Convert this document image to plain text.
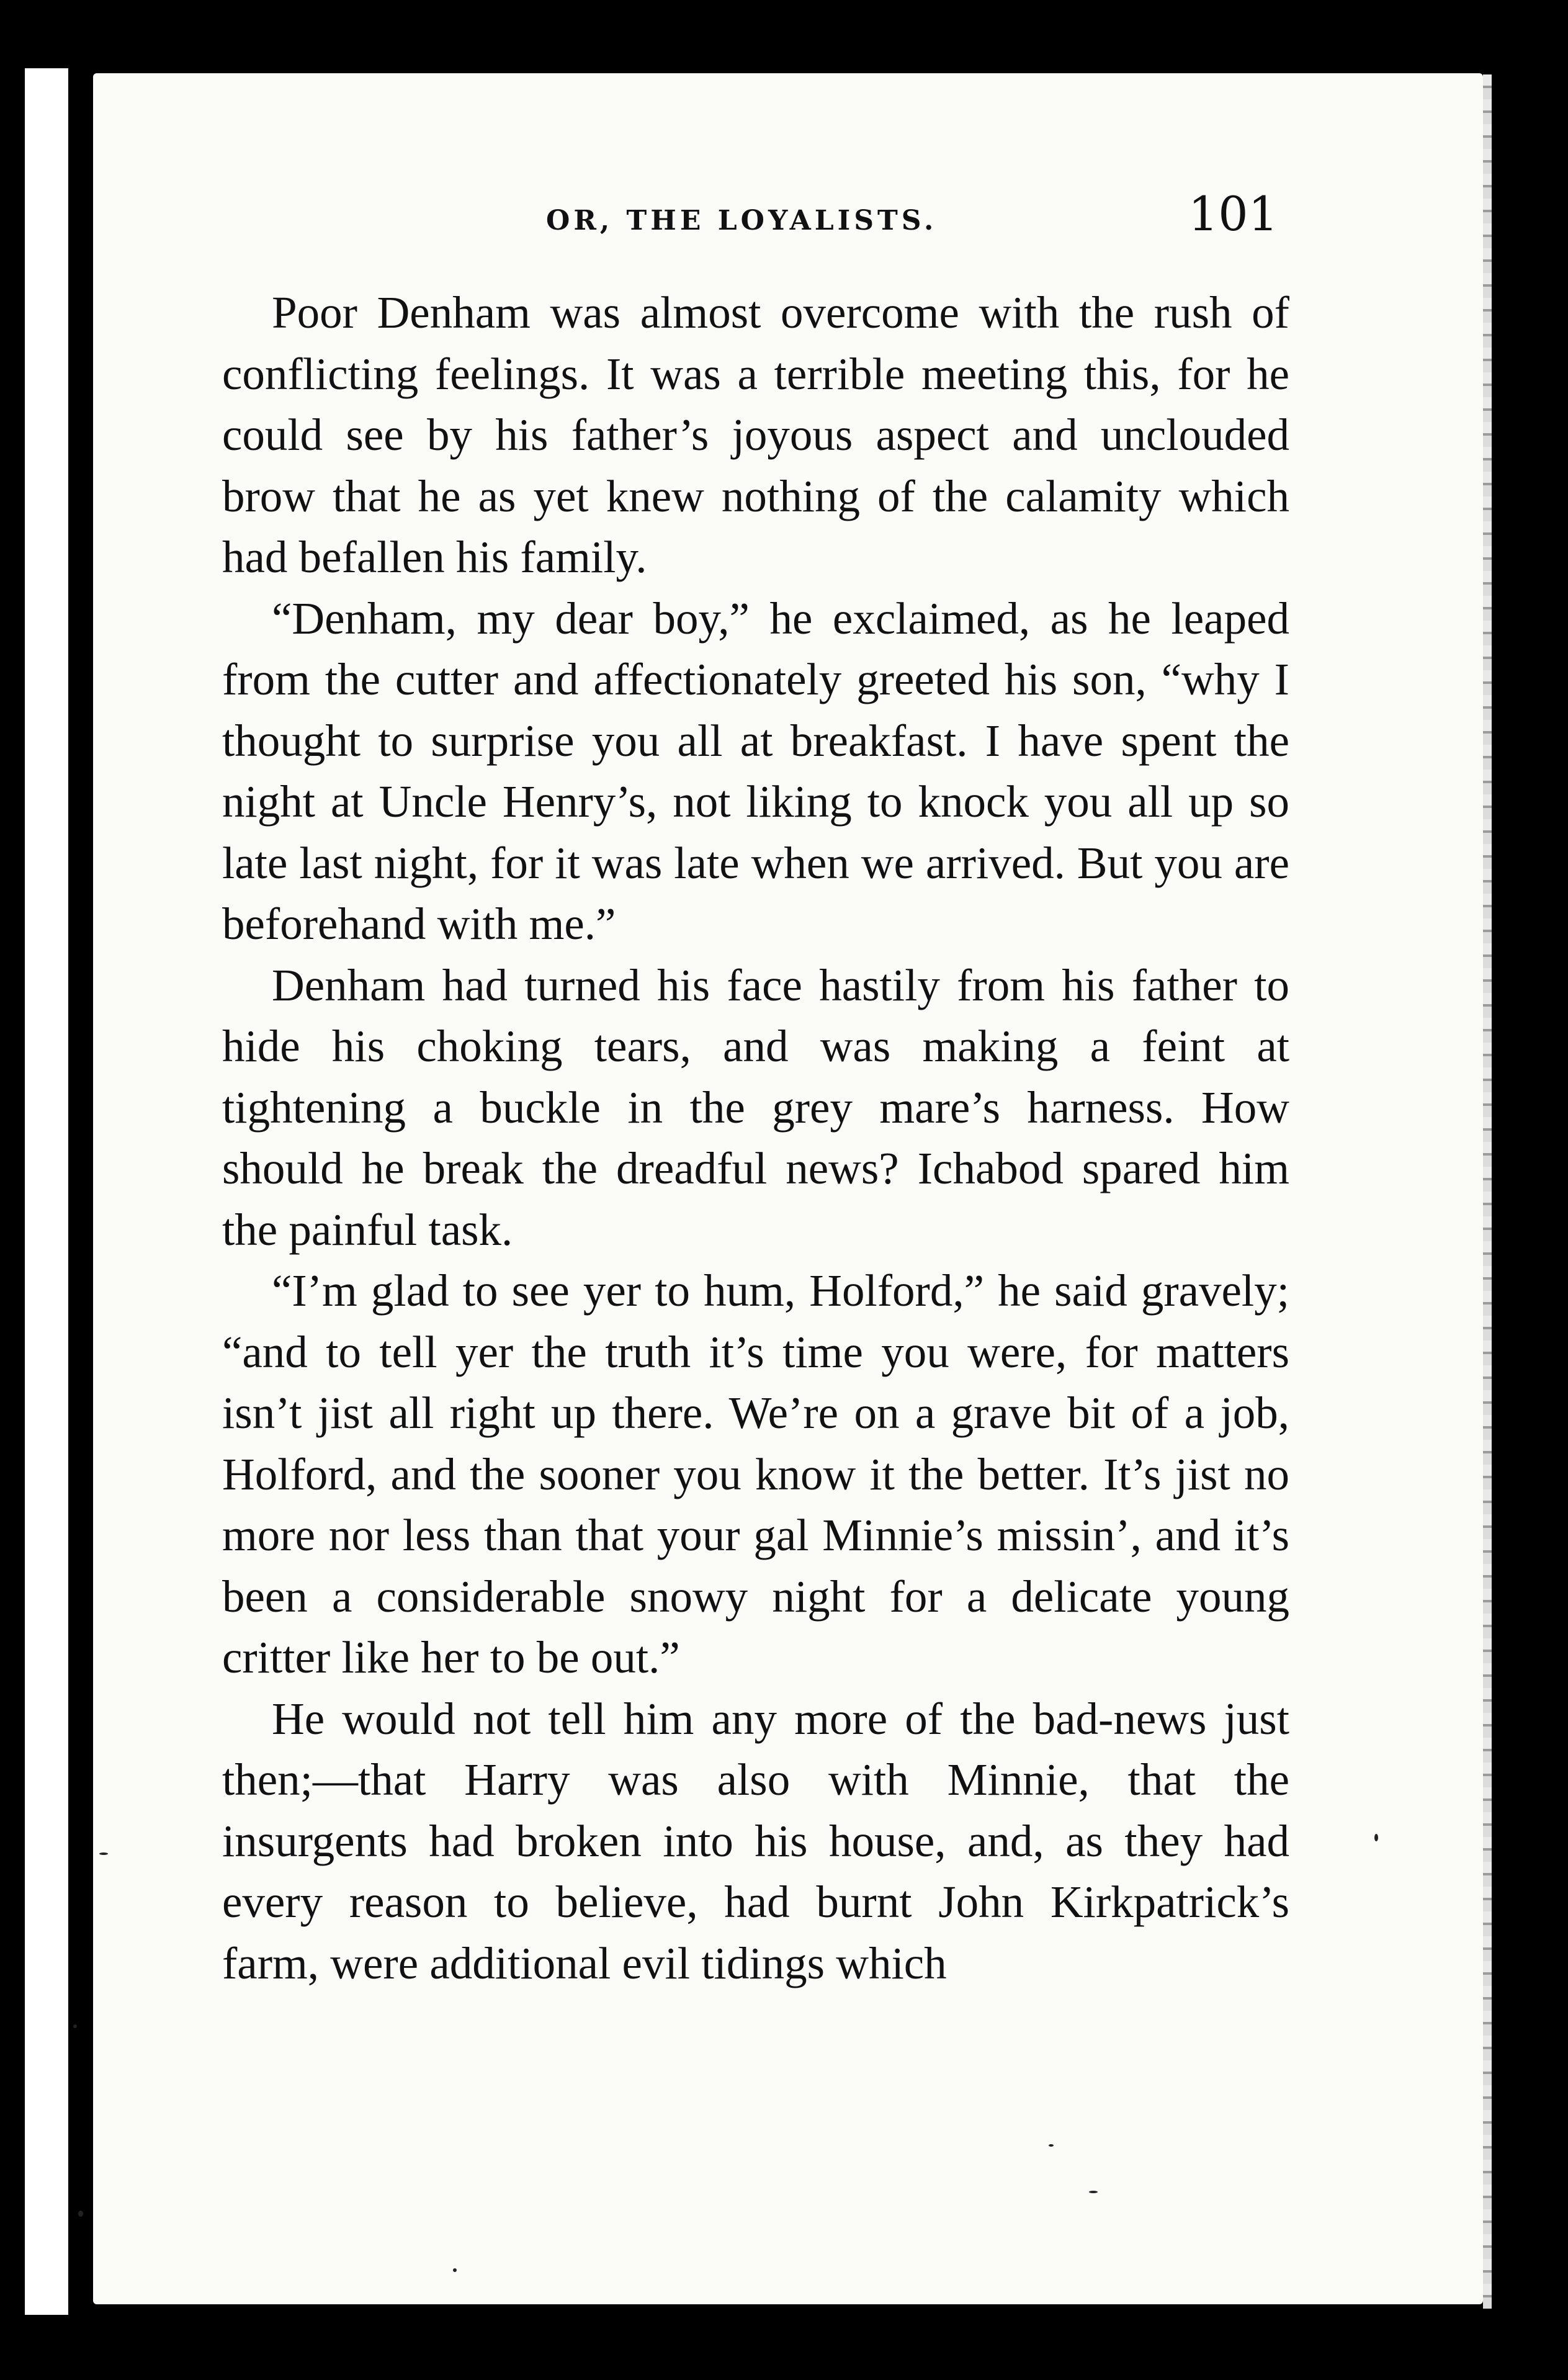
OR, THE LOYALISTS.	101

Poor Denham was almost overcome with the rush of conflicting feelings. It was a terrible meeting this, for he could see by his father’s joyous aspect and unclouded brow that he as yet knew nothing of the calamity which had befallen his family.

“Denham, my dear boy,” he exclaimed, as he leaped from the cutter and affectionately greeted his son, “why I thought to surprise you all at breakfast. I have spent the night at Uncle Henry’s, not liking to knock you all up so late last night, for it was late when we arrived. But you are beforehand with me.”

Denham had turned his face hastily from his father to hide his choking tears, and was making a feint at tightening a buckle in the grey mare’s harness. How should he break the dreadful news? Ichabod spared him the painful task.

“I’m glad to see yer to hum, Holford,” he said gravely; “and to tell yer the truth it’s time you were, for matters isn’t jist all right up there. We’re on a grave bit of a job, Holford, and the sooner you know it the better. It’s jist no more nor less than that your gal Minnie’s missin’, and it’s been a considerable snowy night for a delicate young critter like her to be out.”

He would not tell him any more of the bad-news just then;—that Harry was also with Minnie, that the insurgents had broken into his house, and, as they had every reason to believe, had burnt John Kirkpatrick’s farm, were additional evil tidings which
